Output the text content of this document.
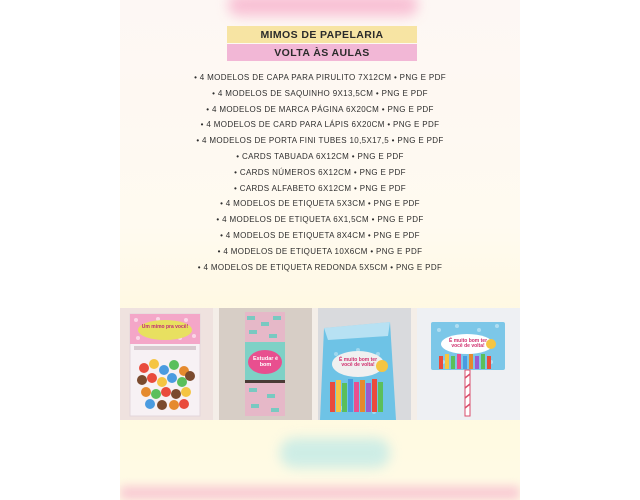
MIMOS DE PAPELARIA
VOLTA ÀS AULAS
• 4 MODELOS DE CAPA PARA PIRULITO 7X12CM • PNG E PDF
• 4 MODELOS DE SAQUINHO 9X13,5CM • PNG E PDF
• 4 MODELOS DE MARCA PÁGINA 6X20CM • PNG E PDF
• 4 MODELOS DE CARD PARA LÁPIS 6X20CM • PNG E PDF
• 4 MODELOS DE PORTA FINI TUBES 10,5X17,5 • PNG E PDF
• CARDS TABUADA 6X12CM • PNG E PDF
• CARDS NÚMEROS 6X12CM • PNG E PDF
• CARDS ALFABETO 6X12CM • PNG E PDF
• 4 MODELOS DE ETIQUETA 5X3CM • PNG E PDF
• 4 MODELOS DE ETIQUETA 6X1,5CM • PNG E PDF
• 4 MODELOS DE ETIQUETA 8X4CM • PNG E PDF
• 4 MODELOS DE ETIQUETA 10X6CM • PNG E PDF
• 4 MODELOS DE ETIQUETA REDONDA 5X5CM • PNG E PDF
Um mimo pra você!
Estudar é bom
É muito bom ter você de volta!
É muito bom ter você de volta!
